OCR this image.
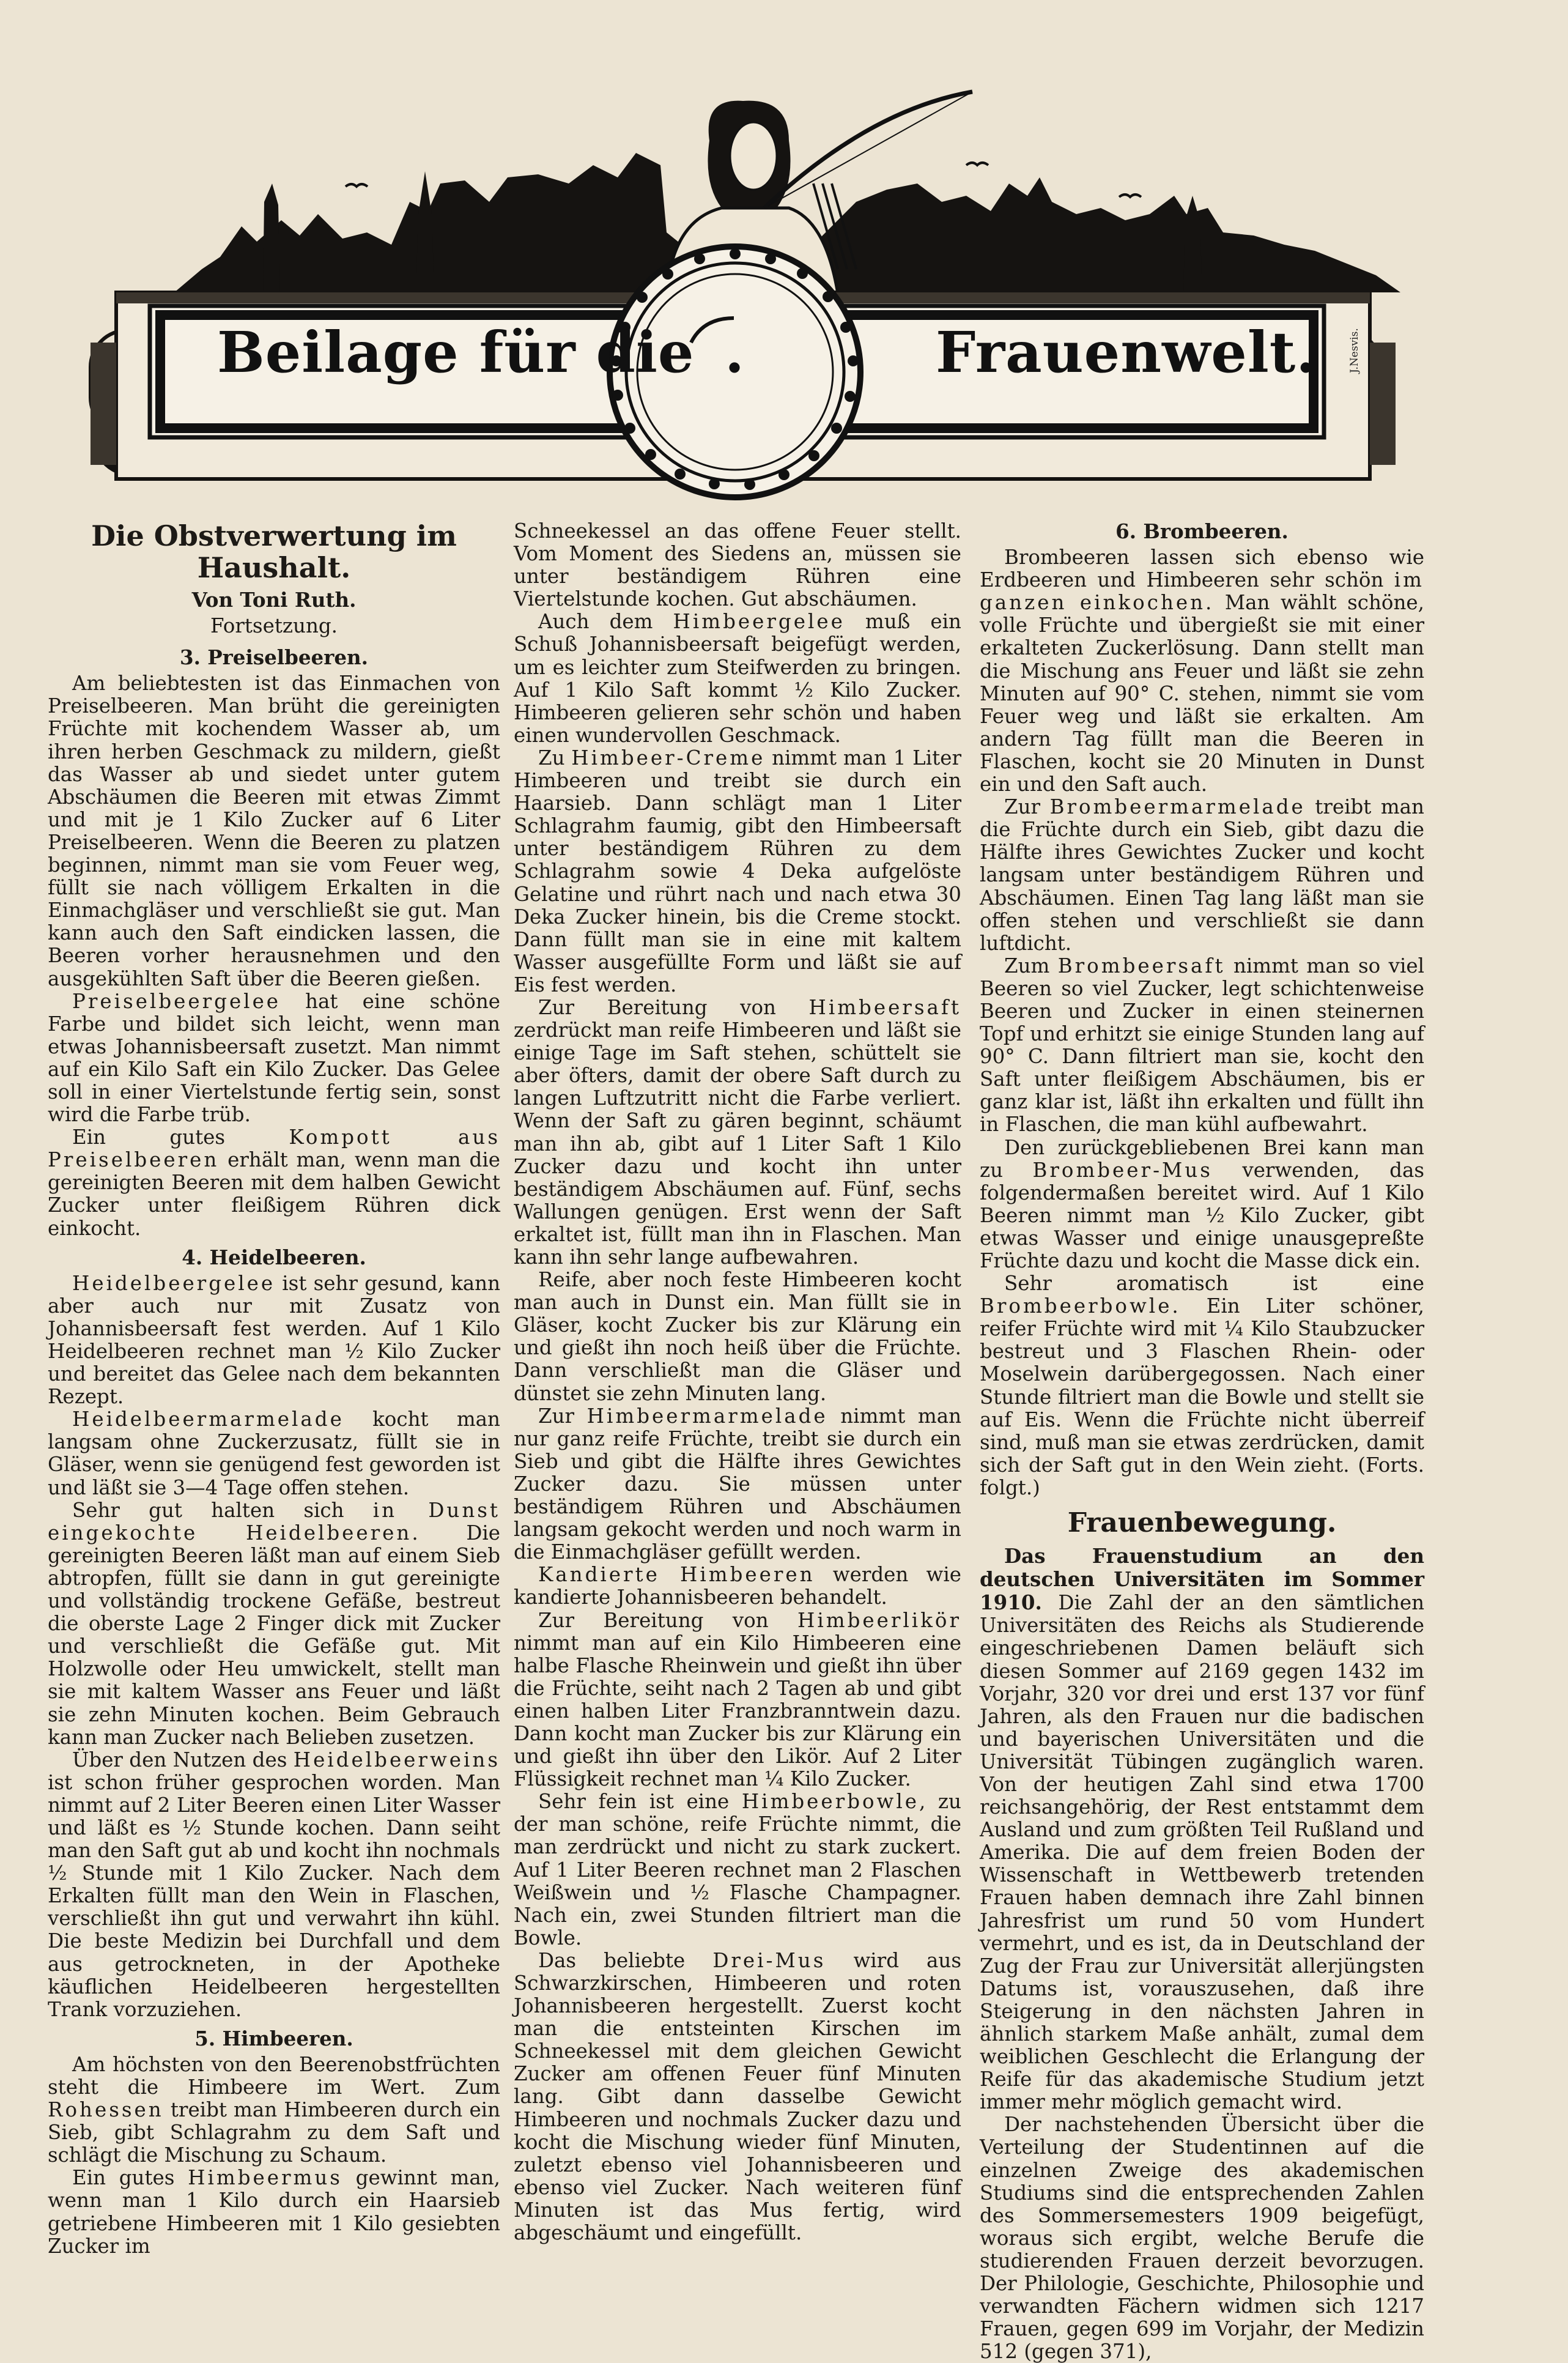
Beilage für die .	Frauenwelt.	J.Nesvis.
Die Obstverwertung im Haushalt.
Von Toni Ruth.
Fortsetzung.
3. Preiselbeeren.

Am beliebtesten ist das Einmachen von Preiselbeeren. Man brüht die gereinigten Früchte mit kochendem Wasser ab, um ihren herben Geschmack zu mildern, gießt das Wasser ab und siedet unter gutem Abschäumen die Beeren mit etwas Zimmt und mit je 1 Kilo Zucker auf 6 Liter Preiselbeeren. Wenn die Beeren zu platzen beginnen, nimmt man sie vom Feuer weg, füllt sie nach völligem Erkalten in die Einmachgläser und verschließt sie gut. Man kann auch den Saft eindicken lassen, die Beeren vorher herausnehmen und den ausgekühlten Saft über die Beeren gießen.

Preiselbeergelee hat eine schöne Farbe und bildet sich leicht, wenn man etwas Johannisbeersaft zusetzt. Man nimmt auf ein Kilo Saft ein Kilo Zucker. Das Gelee soll in einer Viertelstunde fertig sein, sonst wird die Farbe trüb.

Ein gutes Kompott aus Preiselbeeren erhält man, wenn man die gereinigten Beeren mit dem halben Gewicht Zucker unter fleißigem Rühren dick einkocht.

4. Heidelbeeren.

Heidelbeergelee ist sehr gesund, kann aber auch nur mit Zusatz von Johannisbeersaft fest werden. Auf 1 Kilo Heidelbeeren rechnet man ½ Kilo Zucker und bereitet das Gelee nach dem bekannten Rezept.

Heidelbeermarmelade kocht man langsam ohne Zuckerzusatz, füllt sie in Gläser, wenn sie genügend fest geworden ist und läßt sie 3—4 Tage offen stehen.

Sehr gut halten sich in Dunst eingekochte Heidelbeeren. Die gereinigten Beeren läßt man auf einem Sieb abtropfen, füllt sie dann in gut gereinigte und vollständig trockene Gefäße, bestreut die oberste Lage 2 Finger dick mit Zucker und verschließt die Gefäße gut. Mit Holzwolle oder Heu umwickelt, stellt man sie mit kaltem Wasser ans Feuer und läßt sie zehn Minuten kochen. Beim Gebrauch kann man Zucker nach Belieben zusetzen.

Über den Nutzen des Heidelbeerweins ist schon früher gesprochen worden. Man nimmt auf 2 Liter Beeren einen Liter Wasser und läßt es ½ Stunde kochen. Dann seiht man den Saft gut ab und kocht ihn nochmals ½ Stunde mit 1 Kilo Zucker. Nach dem Erkalten füllt man den Wein in Flaschen, verschließt ihn gut und verwahrt ihn kühl. Die beste Medizin bei Durchfall und dem aus getrockneten, in der Apotheke käuflichen Heidelbeeren hergestellten Trank vorzuziehen.

5. Himbeeren.

Am höchsten von den Beerenobstfrüchten steht die Himbeere im Wert. Zum Rohessen treibt man Himbeeren durch ein Sieb, gibt Schlagrahm zu dem Saft und schlägt die Mischung zu Schaum.

Ein gutes Himbeermus gewinnt man, wenn man 1 Kilo durch ein Haarsieb getriebene Himbeeren mit 1 Kilo gesiebten Zucker im

Schneekessel an das offene Feuer stellt. Vom Moment des Siedens an, müssen sie unter beständigem Rühren eine Viertelstunde kochen. Gut abschäumen.

Auch dem Himbeergelee muß ein Schuß Johannisbeersaft beigefügt werden, um es leichter zum Steifwerden zu bringen. Auf 1 Kilo Saft kommt ½ Kilo Zucker. Himbeeren gelieren sehr schön und haben einen wundervollen Geschmack.

Zu Himbeer-Creme nimmt man 1 Liter Himbeeren und treibt sie durch ein Haarsieb. Dann schlägt man 1 Liter Schlagrahm faumig, gibt den Himbeersaft unter beständigem Rühren zu dem Schlagrahm sowie 4 Deka aufgelöste Gelatine und rührt nach und nach etwa 30 Deka Zucker hinein, bis die Creme stockt. Dann füllt man sie in eine mit kaltem Wasser ausgefüllte Form und läßt sie auf Eis fest werden.

Zur Bereitung von Himbeersaft zerdrückt man reife Himbeeren und läßt sie einige Tage im Saft stehen, schüttelt sie aber öfters, damit der obere Saft durch zu langen Luftzutritt nicht die Farbe verliert. Wenn der Saft zu gären beginnt, schäumt man ihn ab, gibt auf 1 Liter Saft 1 Kilo Zucker dazu und kocht ihn unter beständigem Abschäumen auf. Fünf, sechs Wallungen genügen. Erst wenn der Saft erkaltet ist, füllt man ihn in Flaschen. Man kann ihn sehr lange aufbewahren.

Reife, aber noch feste Himbeeren kocht man auch in Dunst ein. Man füllt sie in Gläser, kocht Zucker bis zur Klärung ein und gießt ihn noch heiß über die Früchte. Dann verschließt man die Gläser und dünstet sie zehn Minuten lang.

Zur Himbeermarmelade nimmt man nur ganz reife Früchte, treibt sie durch ein Sieb und gibt die Hälfte ihres Gewichtes Zucker dazu. Sie müssen unter beständigem Rühren und Abschäumen langsam gekocht werden und noch warm in die Einmachgläser gefüllt werden.

Kandierte Himbeeren werden wie kandierte Johannisbeeren behandelt.

Zur Bereitung von Himbeerlikör nimmt man auf ein Kilo Himbeeren eine halbe Flasche Rheinwein und gießt ihn über die Früchte, seiht nach 2 Tagen ab und gibt einen halben Liter Franzbranntwein dazu. Dann kocht man Zucker bis zur Klärung ein und gießt ihn über den Likör. Auf 2 Liter Flüssigkeit rechnet man ¼ Kilo Zucker.

Sehr fein ist eine Himbeerbowle, zu der man schöne, reife Früchte nimmt, die man zerdrückt und nicht zu stark zuckert. Auf 1 Liter Beeren rechnet man 2 Flaschen Weißwein und ½ Flasche Champagner. Nach ein, zwei Stunden filtriert man die Bowle.

Das beliebte Drei-Mus wird aus Schwarzkirschen, Himbeeren und roten Johannisbeeren hergestellt. Zuerst kocht man die entsteinten Kirschen im Schneekessel mit dem gleichen Gewicht Zucker am offenen Feuer fünf Minuten lang. Gibt dann dasselbe Gewicht Himbeeren und nochmals Zucker dazu und kocht die Mischung wieder fünf Minuten, zuletzt ebenso viel Johannisbeeren und ebenso viel Zucker. Nach weiteren fünf Minuten ist das Mus fertig, wird abgeschäumt und eingefüllt.

6. Brombeeren.

Brombeeren lassen sich ebenso wie Erdbeeren und Himbeeren sehr schön im ganzen einkochen. Man wählt schöne, volle Früchte und übergießt sie mit einer erkalteten Zuckerlösung. Dann stellt man die Mischung ans Feuer und läßt sie zehn Minuten auf 90° C. stehen, nimmt sie vom Feuer weg und läßt sie erkalten. Am andern Tag füllt man die Beeren in Flaschen, kocht sie 20 Minuten in Dunst ein und den Saft auch.

Zur Brombeermarmelade treibt man die Früchte durch ein Sieb, gibt dazu die Hälfte ihres Gewichtes Zucker und kocht langsam unter beständigem Rühren und Abschäumen. Einen Tag lang läßt man sie offen stehen und verschließt sie dann luftdicht.

Zum Brombeersaft nimmt man so viel Beeren so viel Zucker, legt schichtenweise Beeren und Zucker in einen steinernen Topf und erhitzt sie einige Stunden lang auf 90° C. Dann filtriert man sie, kocht den Saft unter fleißigem Abschäumen, bis er ganz klar ist, läßt ihn erkalten und füllt ihn in Flaschen, die man kühl aufbewahrt.

Den zurückgebliebenen Brei kann man zu Brombeer-Mus verwenden, das folgendermaßen bereitet wird. Auf 1 Kilo Beeren nimmt man ½ Kilo Zucker, gibt etwas Wasser und einige unausgepreßte Früchte dazu und kocht die Masse dick ein.

Sehr aromatisch ist eine Brombeerbowle. Ein Liter schöner, reifer Früchte wird mit ¼ Kilo Staubzucker bestreut und 3 Flaschen Rhein- oder Moselwein darübergegossen. Nach einer Stunde filtriert man die Bowle und stellt sie auf Eis. Wenn die Früchte nicht überreif sind, muß man sie etwas zerdrücken, damit sich der Saft gut in den Wein zieht. (Forts. folgt.)

Frauenbewegung.

Das Frauenstudium an den deutschen Universitäten im Sommer 1910. Die Zahl der an den sämtlichen Universitäten des Reichs als Studierende eingeschriebenen Damen beläuft sich diesen Sommer auf 2169 gegen 1432 im Vorjahr, 320 vor drei und erst 137 vor fünf Jahren, als den Frauen nur die badischen und bayerischen Universitäten und die Universität Tübingen zugänglich waren. Von der heutigen Zahl sind etwa 1700 reichsangehörig, der Rest entstammt dem Ausland und zum größten Teil Rußland und Amerika. Die auf dem freien Boden der Wissenschaft in Wettbewerb tretenden Frauen haben demnach ihre Zahl binnen Jahresfrist um rund 50 vom Hundert vermehrt, und es ist, da in Deutschland der Zug der Frau zur Universität allerjüngsten Datums ist, vorauszusehen, daß ihre Steigerung in den nächsten Jahren in ähnlich starkem Maße anhält, zumal dem weiblichen Geschlecht die Erlangung der Reife für das akademische Studium jetzt immer mehr möglich gemacht wird.

Der nachstehenden Übersicht über die Verteilung der Studentinnen auf die einzelnen Zweige des akademischen Studiums sind die entsprechenden Zahlen des Sommersemesters 1909 beigefügt, woraus sich ergibt, welche Berufe die studierenden Frauen derzeit bevorzugen. Der Philologie, Geschichte, Philosophie und verwandten Fächern widmen sich 1217 Frauen, gegen 699 im Vorjahr, der Medizin 512 (gegen 371),
